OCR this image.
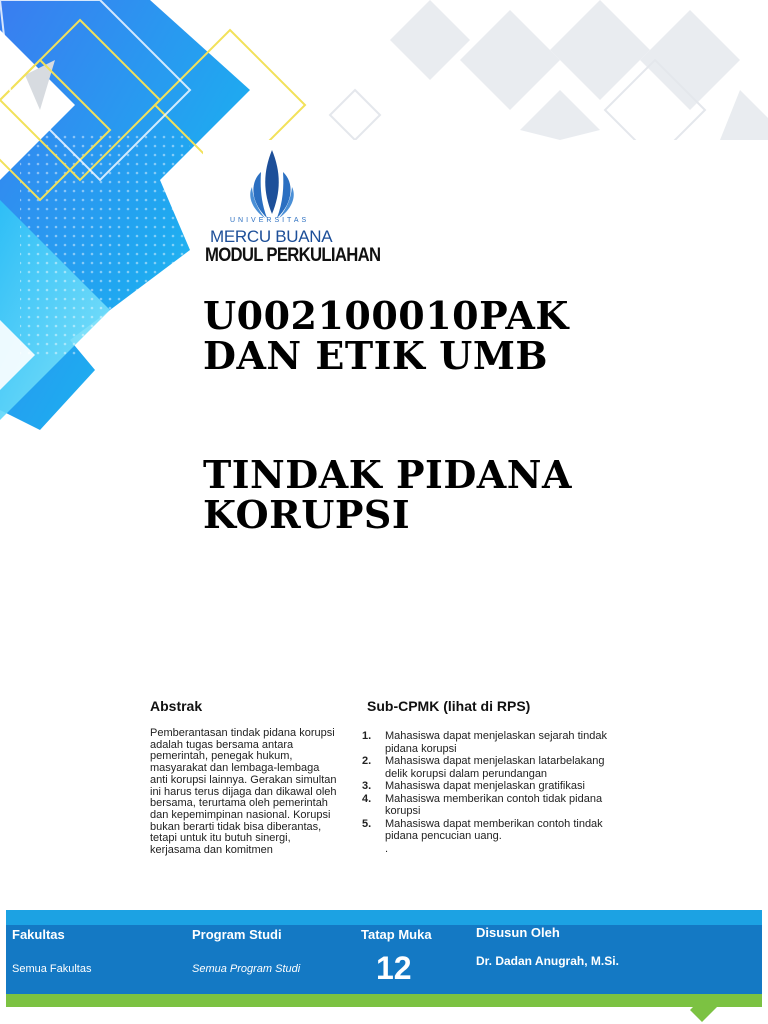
UNIVERSITAS
MERCU BUANA
MODUL PERKULIAHAN
U002100010PAK
DAN ETIK UMB
TINDAK PIDANA
KORUPSI
Abstrak
Pemberantasan tindak pidana korupsi
adalah tugas bersama antara
pemerintah, penegak hukum,
masyarakat dan lembaga-lembaga
anti korupsi lainnya. Gerakan simultan
ini harus terus dijaga dan dikawal oleh
bersama, terurtama oleh pemerintah
dan kepemimpinan nasional. Korupsi
bukan berarti tidak bisa diberantas,
tetapi untuk itu butuh sinergi,
kerjasama dan komitmen
Sub-CPMK (lihat di RPS)
1. Mahasiswa dapat menjelaskan sejarah tindak
pidana korupsi
2. Mahasiswa dapat menjelaskan latarbelakang
delik korupsi dalam perundangan
3. Mahasiswa dapat menjelaskan gratifikasi
4. Mahasiswa memberikan contoh tidak pidana
korupsi
5. Mahasiswa dapat memberikan contoh tindak
pidana pencucian uang.
.
Fakultas
Semua Fakultas
Program Studi
Semua Program Studi
Tatap Muka
12
Disusun Oleh
Dr. Dadan Anugrah, M.Si.
